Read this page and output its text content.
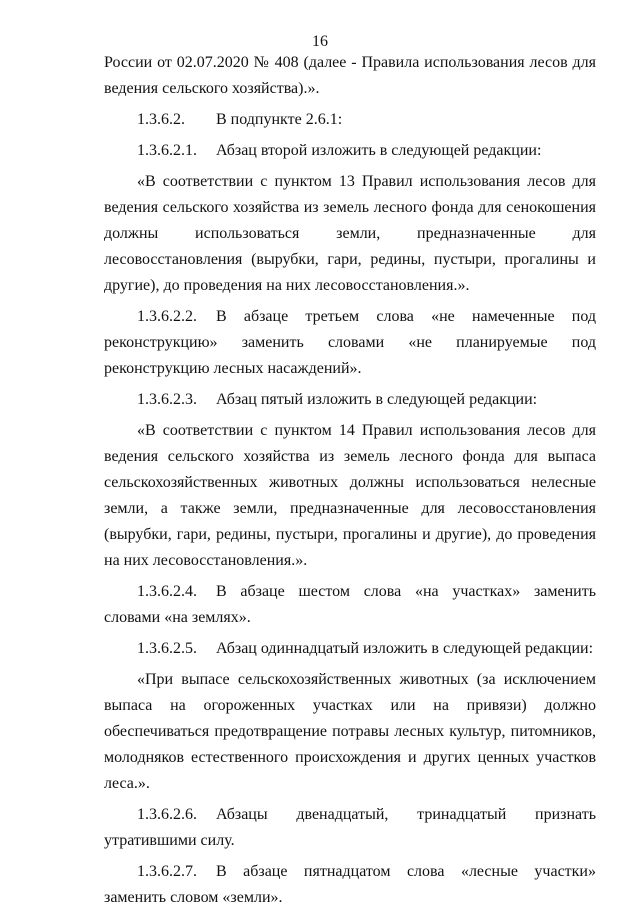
16

России от 02.07.2020 № 408 (далее - Правила использования лесов для ведения сельского хозяйства).».

1.3.6.2. В подпункте 2.6.1:

1.3.6.2.1. Абзац второй изложить в следующей редакции:

«В соответствии с пунктом 13 Правил использования лесов для ведения сельского хозяйства из земель лесного фонда для сенокошения должны использоваться земли, предназначенные для лесовосстановления (вырубки, гари, редины, пустыри, прогалины и другие), до проведения на них лесовосстановления.».

1.3.6.2.2. В абзаце третьем слова «не намеченные под реконструкцию» заменить словами «не планируемые под реконструкцию лесных насаждений».

1.3.6.2.3. Абзац пятый изложить в следующей редакции:

«В соответствии с пунктом 14 Правил использования лесов для ведения сельского хозяйства из земель лесного фонда для выпаса сельскохозяйственных животных должны использоваться нелесные земли, а также земли, предназначенные для лесовосстановления (вырубки, гари, редины, пустыри, прогалины и другие), до проведения на них лесовосстановления.».

1.3.6.2.4. В абзаце шестом слова «на участках» заменить словами «на землях».

1.3.6.2.5. Абзац одиннадцатый изложить в следующей редакции:

«При выпасе сельскохозяйственных животных (за исключением выпаса на огороженных участках или на привязи) должно обеспечиваться предотвращение потравы лесных культур, питомников, молодняков естественного происхождения и других ценных участков леса.».

1.3.6.2.6. Абзацы двенадцатый, тринадцатый признать утратившими силу.

1.3.6.2.7. В абзаце пятнадцатом слова «лесные участки» заменить словом «земли».
